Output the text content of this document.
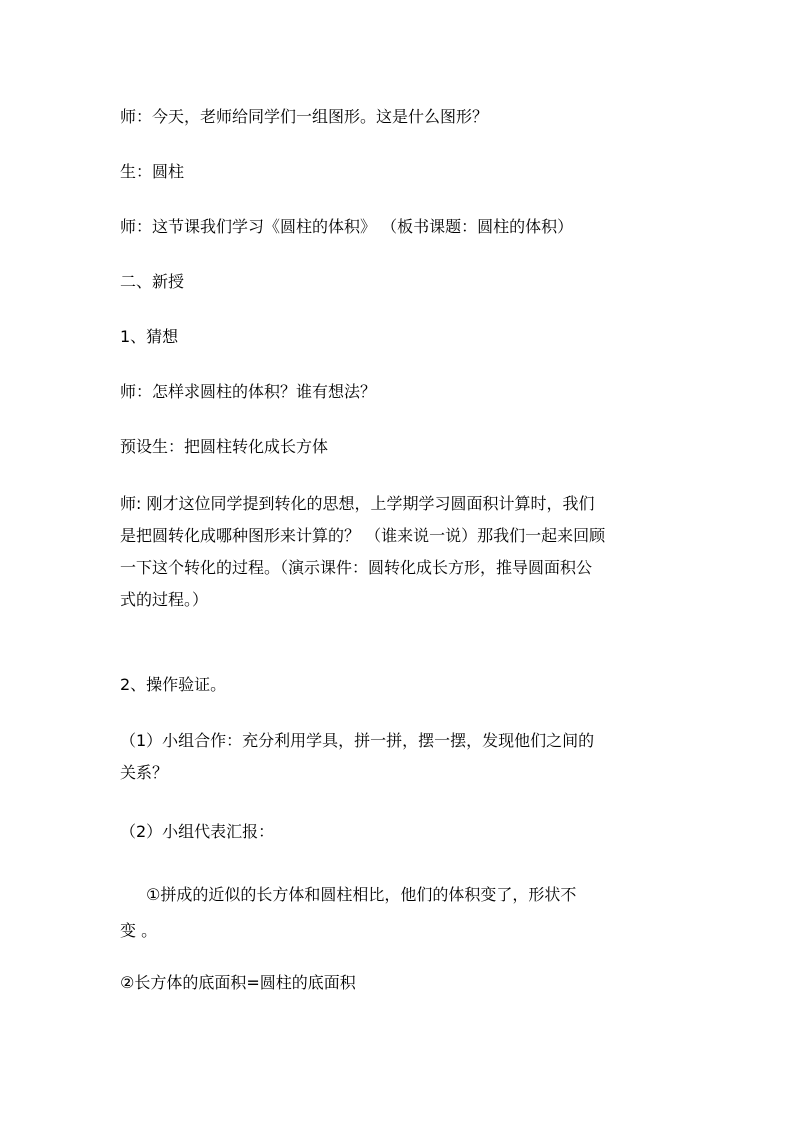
师：今天，老师给同学们一组图形。这是什么图形？

生：圆柱

师：这节课我们学习《圆柱的体积》 （板书课题：圆柱的体积）

二、新授

1、猜想

师：怎样求圆柱的体积？谁有想法？

预设生：把圆柱转化成长方体

师: 刚才这位同学提到转化的思想，上学期学习圆面积计算时，我们
是把圆转化成哪种图形来计算的？ （谁来说一说）那我们一起来回顾
一下这个转化的过程。（演示课件：圆转化成长方形，推导圆面积公
式的过程。）

2、操作验证。

（1）小组合作：充分利用学具，拼一拼，摆一摆，发现他们之间的
关系？

（2）小组代表汇报：

①拼成的近似的长方体和圆柱相比，他们的体积变了，形状不
变 。

②长方体的底面积=圆柱的底面积
